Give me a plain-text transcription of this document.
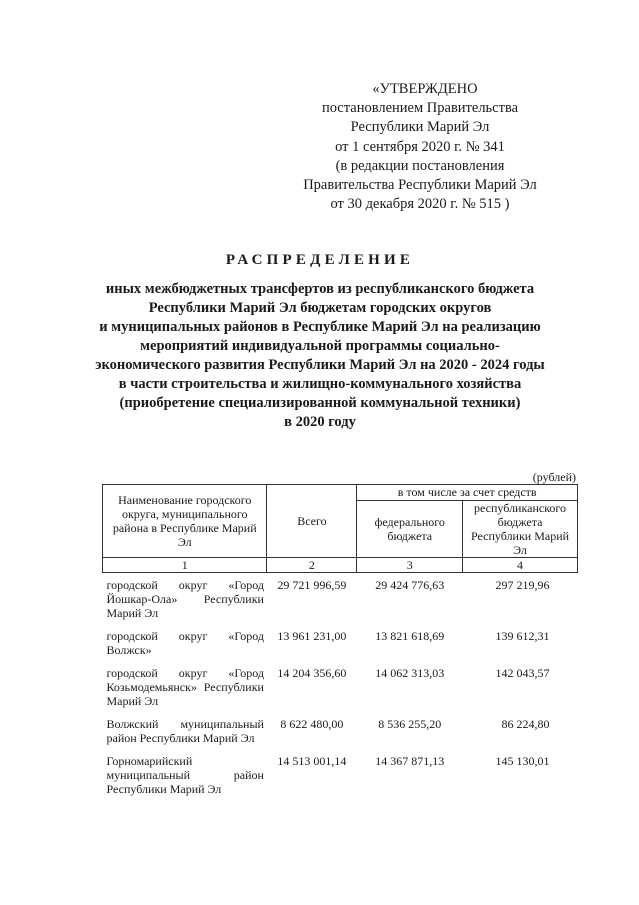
«УТВЕРЖДЕНО
постановлением Правительства
Республики Марий Эл
от 1 сентября 2020 г. № 341
(в редакции постановления
Правительства Республики Марий Эл
от 30 декабря 2020 г. № 515 )
РАСПРЕДЕЛЕНИЕ
иных межбюджетных трансфертов из республиканского бюджета
Республики Марий Эл бюджетам городских округов
и муниципальных районов в Республике Марий Эл на реализацию
мероприятий индивидуальной программы социально-
экономического развития Республики Марий Эл на 2020 - 2024 годы
в части строительства и жилищно-коммунального хозяйства
(приобретение специализированной коммунальной техники)
в 2020 году
(рублей)
Наименование городского округа, муниципального района в Республике Марий Эл	Всего	в том числе за счет средств	
		федерального бюджета	республиканского бюджета Республики Марий Эл
1	2	3	4
городской округ «Город Йошкар-Ола» Республики Марий Эл	29 721 996,59	29 424 776,63	297 219,96
городской округ «Город Волжск»	13 961 231,00	13 821 618,69	139 612,31
городской округ «Город Козьмодемьянск» Республики Марий Эл	14 204 356,60	14 062 313,03	142 043,57
Волжский муниципальный район Республики Марий Эл	8 622 480,00	8 536 255,20	86 224,80
Горномарийский муниципальный район Республики Марий Эл	14 513 001,14	14 367 871,13	145 130,01
